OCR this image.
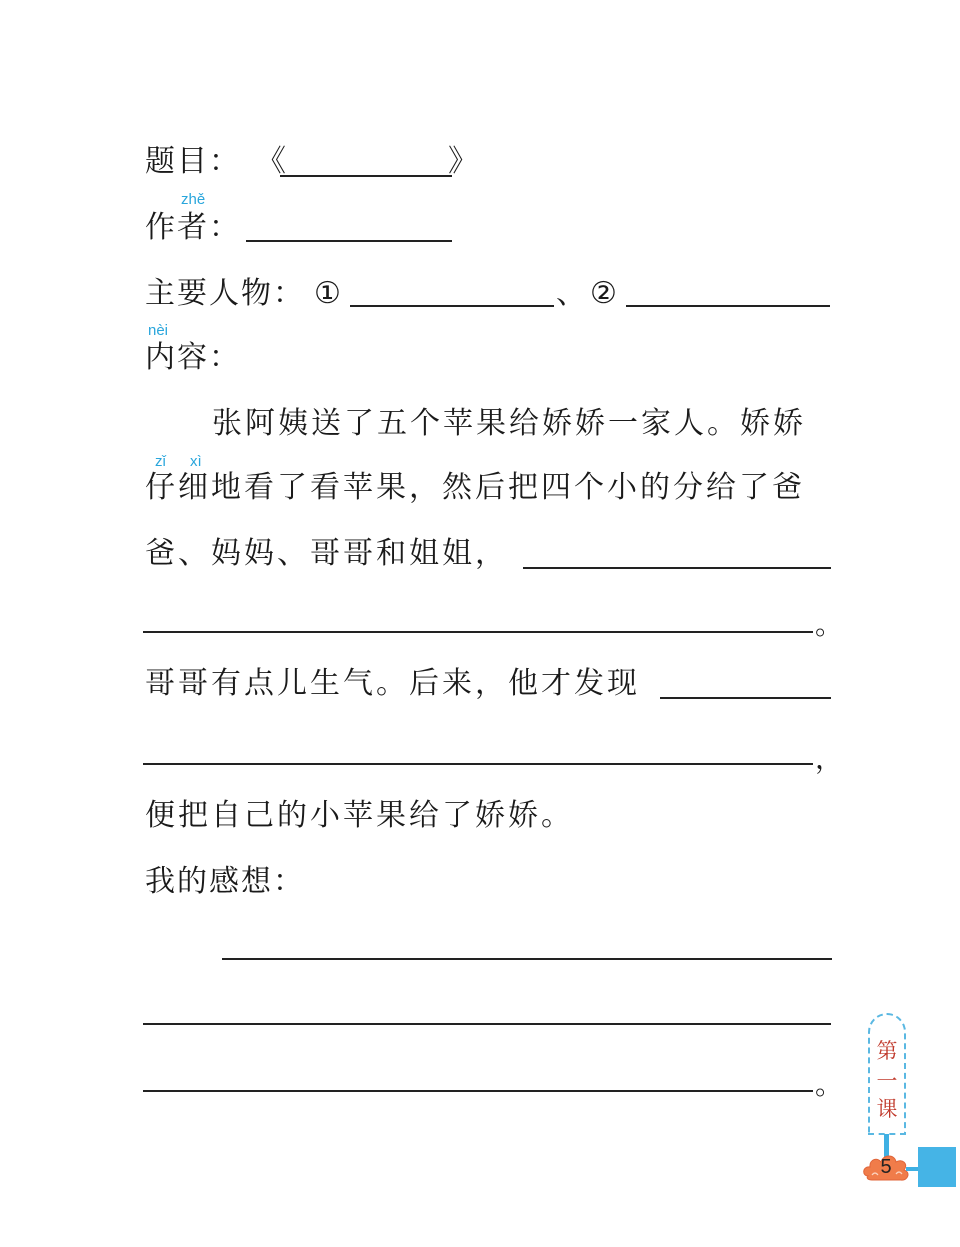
题目： 《	》
zhě
作者：
主要人物： ①	、 ②
nèi
内容：
张阿姨送了五个苹果给娇娇一家人。娇娇
zǐ xì
仔细地看了看苹果，然后把四个小的分给了爸
爸、妈妈、哥哥和姐姐，
。
哥哥有点儿生气。后来，他才发现
，
便把自己的小苹果给了娇娇。
我的感想：
。
第
一
课
5
